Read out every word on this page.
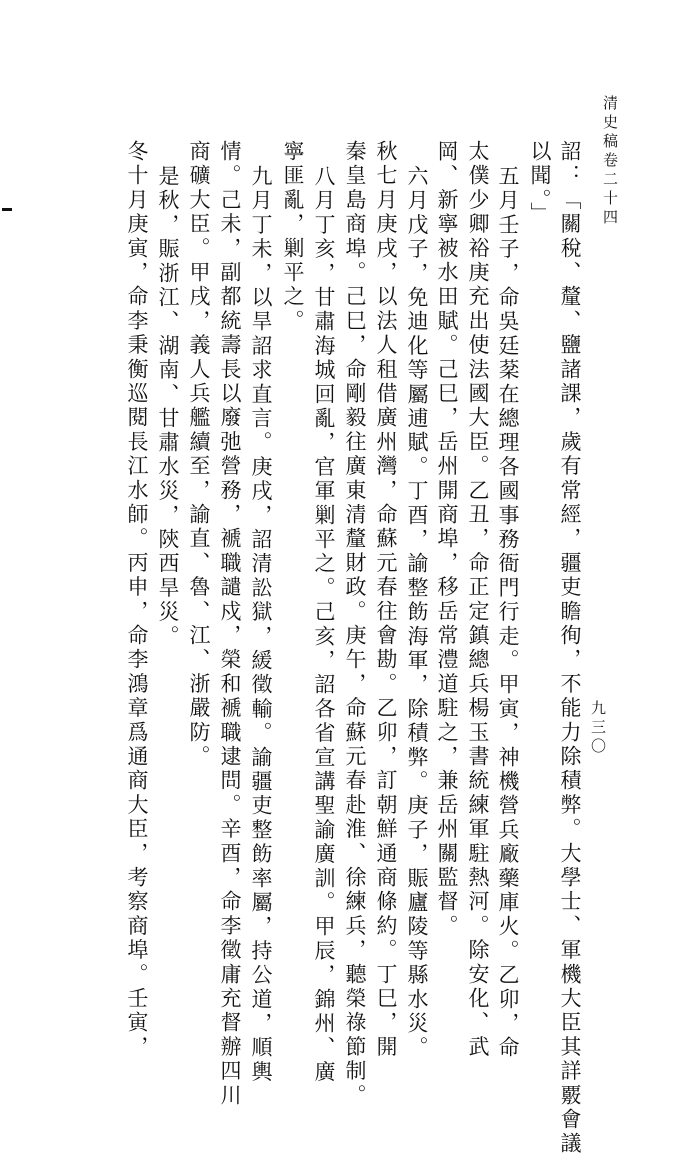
清史稿卷二十四
九三〇
詔：「關稅、釐、鹽諸課，歲有常經，疆吏瞻徇，不能力除積弊。大學士、軍機大臣其詳覈會議
以聞。」
五月壬子，命吳廷棻在總理各國事務衙門行走。甲寅，神機營兵廠藥庫火。乙卯，命
太僕少卿裕庚充出使法國大臣。乙丑，命正定鎮總兵楊玉書統練軍駐熱河。除安化、武
岡、新寧被水田賦。己巳，岳州開商埠，移岳常澧道駐之，兼岳州關監督。
六月戊子，免迪化等屬逋賦。丁酉，諭整飭海軍，除積弊。庚子，賑廬陵等縣水災。
秋七月庚戌，以法人租借廣州灣，命蘇元春往會勘。乙卯，訂朝鮮通商條約。丁巳，開
秦皇島商埠。己巳，命剛毅往廣東清釐財政。庚午，命蘇元春赴淮、徐練兵，聽榮祿節制。
八月丁亥，甘肅海城回亂，官軍剿平之。己亥，詔各省宣講聖諭廣訓。甲辰，錦州、廣
寧匪亂，剿平之。
九月丁未，以旱詔求直言。庚戌，詔清訟獄，緩徵輸。諭疆吏整飭率屬，持公道，順輿
情。己未，副都統壽長以廢弛營務，褫職譴戍，榮和褫職逮問。辛酉，命李徵庸充督辦四川
商礦大臣。甲戌，義人兵艦續至，諭直、魯、江、浙嚴防。
是秋，賑浙江、湖南、甘肅水災，陝西旱災。
冬十月庚寅，命李秉衡巡閱長江水師。丙申，命李鴻章爲通商大臣，考察商埠。壬寅，
